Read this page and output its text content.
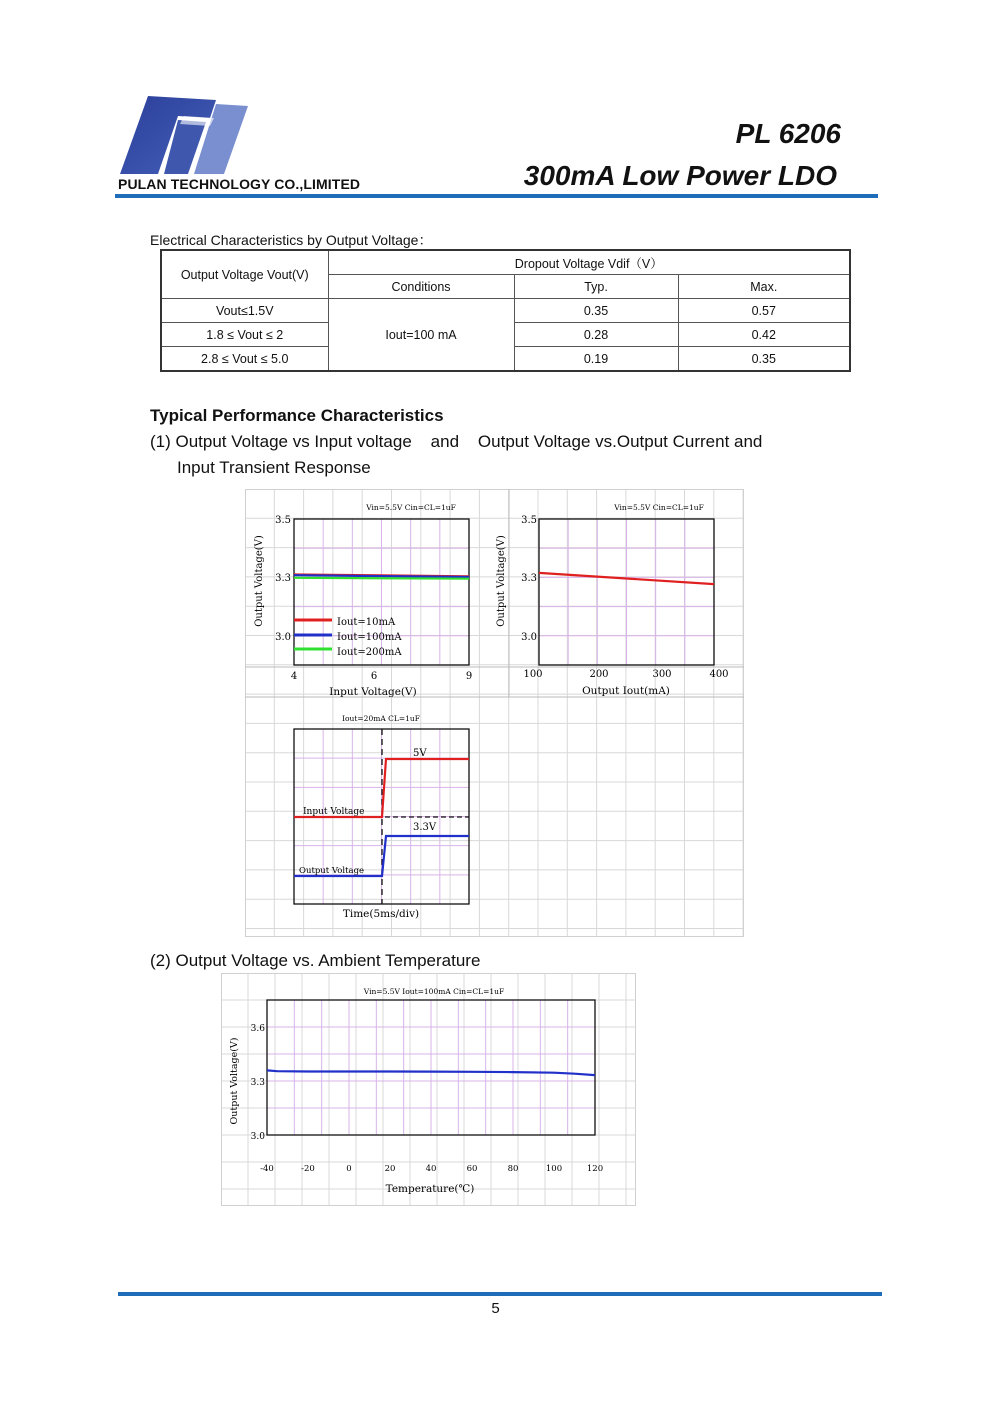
PULAN TECHNOLOGY CO.,LIMITED
PL 6206
300mA Low Power LDO
Electrical Characteristics by Output Voltage：
Output Voltage Vout(V)	Dropout Voltage Vdif（V）		
	Conditions	Typ.	Max.
Vout≤1.5V	Iout=100 mA	0.35	0.57
1.8 ≤ Vout ≤ 2		0.28	0.42
2.8 ≤ Vout ≤ 5.0		0.19	0.35
Typical Performance Characteristics
(1) Output Voltage vs Input voltage    and    Output Voltage vs.Output Current and
Input Transient Response
Vin=5.5V Cin=CL=1uF
3.5
3.3
3.0
4	6	9
Input Voltage(V)
Output Voltage(V)	Iout=10mA
Iout=100mA
Iout=200mA
Vin=5.5V Cin=CL=1uF
3.5
3.3
3.0
100	200	300	400
Output Iout(mA)
Output Voltage(V)
Iout=20mA CL=1uF
5V
3.3V
Input Voltage
Output Voltage
Time(5ms/div)
(2) Output Voltage vs. Ambient Temperature
Vin=5.5V Iout=100mA Cin=CL=1uF
3.6
3.3
3.0
-40	-20	0	20	40	60	80	100	120
Temperature(℃)
Output Voltage(V)
5
